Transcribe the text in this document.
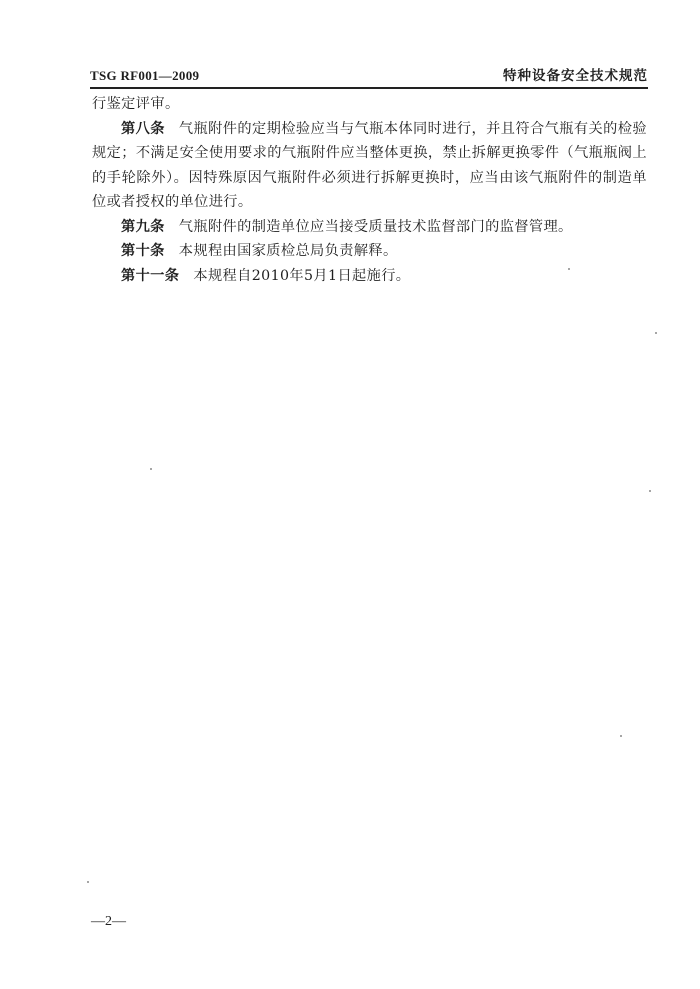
TSG RF001—2009	特种设备安全技术规范

行鉴定评审。

第八条 气瓶附件的定期检验应当与气瓶本体同时进行，并且符合气瓶有关的检验规定；不满足安全使用要求的气瓶附件应当整体更换，禁止拆解更换零件（气瓶瓶阀上的手轮除外）。因特殊原因气瓶附件必须进行拆解更换时，应当由该气瓶附件的制造单位或者授权的单位进行。

第九条 气瓶附件的制造单位应当接受质量技术监督部门的监督管理。

第十条 本规程由国家质检总局负责解释。

第十一条 本规程自2010年5月1日起施行。

—2—
